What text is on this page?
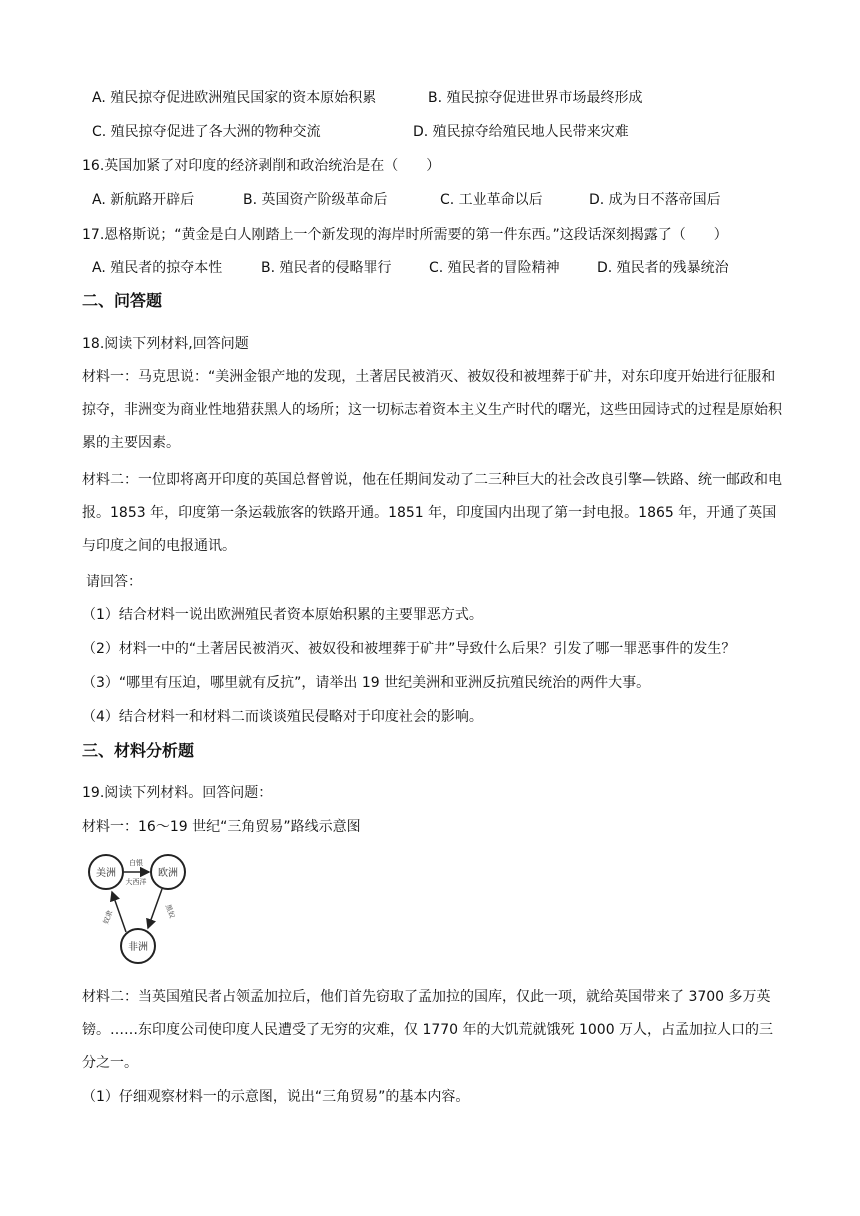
A. 殖民掠夺促进欧洲殖民国家的资本原始积累	B. 殖民掠夺促进世界市场最终形成
C. 殖民掠夺促进了各大洲的物种交流	D. 殖民掠夺给殖民地人民带来灾难
16.英国加紧了对印度的经济剥削和政治统治是在（　　）
A. 新航路开辟后	B. 英国资产阶级革命后	C. 工业革命以后	D. 成为日不落帝国后
17.恩格斯说；“黄金是白人刚踏上一个新发现的海岸时所需要的第一件东西。”这段话深刻揭露了（　　）
A. 殖民者的掠夺本性	B. 殖民者的侵略罪行	C. 殖民者的冒险精神	D. 殖民者的残暴统治
二、问答题
18.阅读下列材料,回答问题
材料一：马克思说：“美洲金银产地的发现，土著居民被消灭、被奴役和被埋葬于矿井，对东印度开始进行征服和掠夺，非洲变为商业性地猎获黑人的场所；这一切标志着资本主义生产时代的曙光，这些田园诗式的过程是原始积累的主要因素。
材料二：一位即将离开印度的英国总督曾说，他在任期间发动了二三种巨大的社会改良引擎—铁路、统一邮政和电报。1853 年，印度第一条运载旅客的铁路开通。1851 年，印度国内出现了第一封电报。1865 年，开通了英国与印度之间的电报通讯。
请回答：
（1）结合材料一说出欧洲殖民者资本原始积累的主要罪恶方式。
（2）材料一中的“土著居民被消灭、被奴役和被埋葬于矿井”导致什么后果？引发了哪一罪恶事件的发生？
（3）“哪里有压迫，哪里就有反抗”，请举出 19 世纪美洲和亚洲反抗殖民统治的两件大事。
（4）结合材料一和材料二而谈谈殖民侵略对于印度社会的影响。
三、材料分析题
19.阅读下列材料。回答问题：
材料一：16～19 世纪“三角贸易”路线示意图
美洲	欧洲
非洲
白银
大西洋
黑奴
奴隶
材料二：当英国殖民者占领孟加拉后，他们首先窃取了孟加拉的国库，仅此一项，就给英国带来了 3700 多万英镑。……东印度公司使印度人民遭受了无穷的灾难，仅 1770 年的大饥荒就饿死 1000 万人，占孟加拉人口的三分之一。
（1）仔细观察材料一的示意图，说出“三角贸易”的基本内容。
